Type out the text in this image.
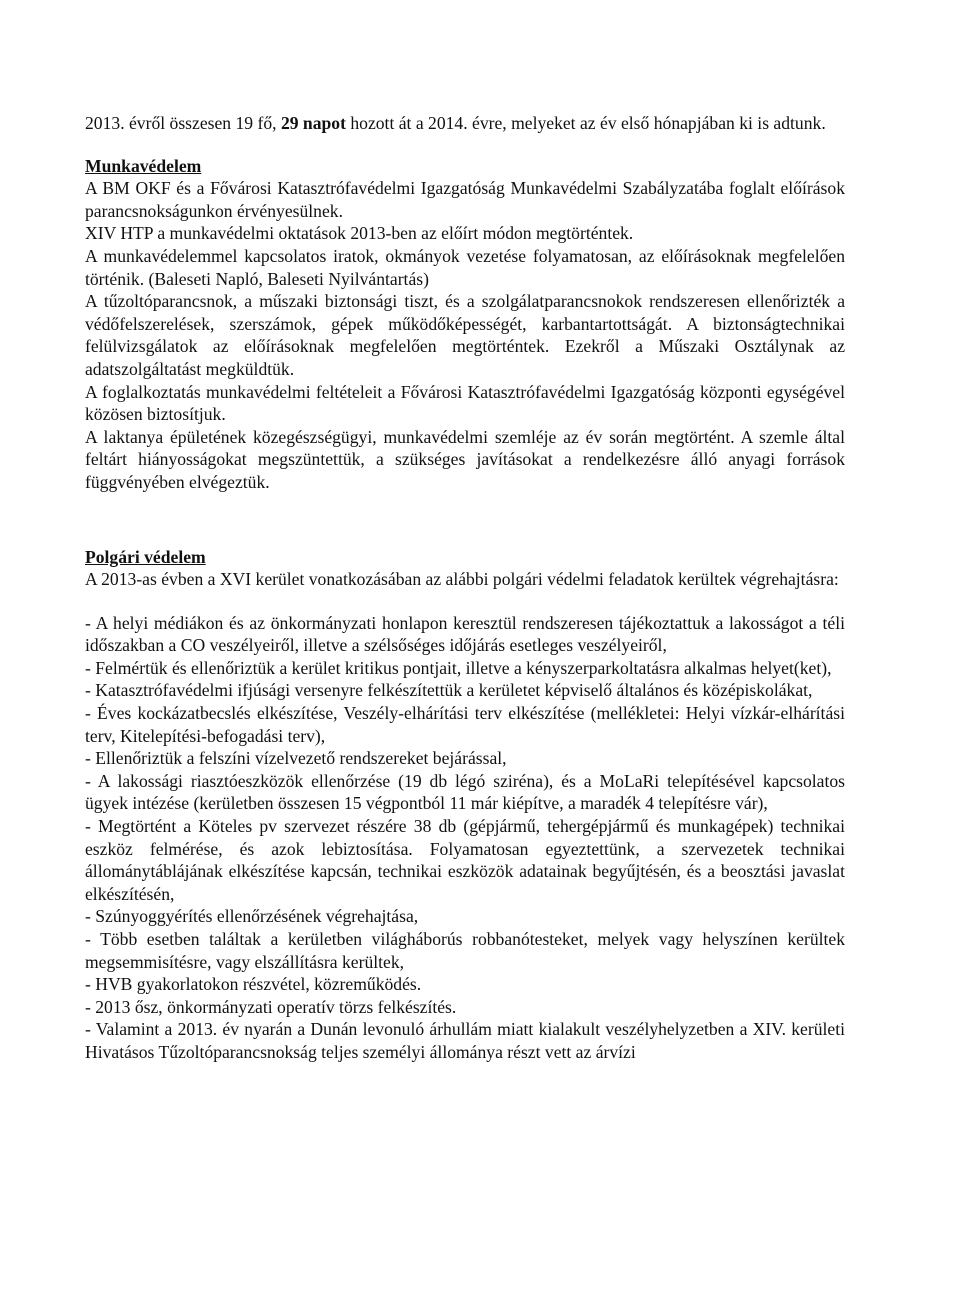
2013. évről összesen 19 fő, 29 napot hozott át a 2014. évre, melyeket az év első hónapjában ki is adtunk.

Munkavédelem

A BM OKF és a Fővárosi Katasztrófavédelmi Igazgatóság Munkavédelmi Szabályzatába foglalt előírások parancsnokságunkon érvényesülnek.

XIV HTP a munkavédelmi oktatások 2013-ben az előírt módon megtörténtek.

A munkavédelemmel kapcsolatos iratok, okmányok vezetése folyamatosan, az előírásoknak megfelelően történik. (Baleseti Napló, Baleseti Nyilvántartás)

A tűzoltóparancsnok, a műszaki biztonsági tiszt, és a szolgálatparancsnokok rendszeresen ellenőrizték a védőfelszerelések, szerszámok, gépek működőképességét, karbantartottságát. A biztonságtechnikai felülvizsgálatok az előírásoknak megfelelően megtörténtek. Ezekről a Műszaki Osztálynak az adatszolgáltatást megküldtük.

A foglalkoztatás munkavédelmi feltételeit a Fővárosi Katasztrófavédelmi Igazgatóság központi egységével közösen biztosítjuk.

A laktanya épületének közegészségügyi, munkavédelmi szemléje az év során megtörtént. A szemle által feltárt hiányosságokat megszüntettük, a szükséges javításokat a rendelkezésre álló anyagi források függvényében elvégeztük.

Polgári védelem

A 2013-as évben a XVI kerület vonatkozásában az alábbi polgári védelmi feladatok kerültek végrehajtásra:

- A helyi médiákon és az önkormányzati honlapon keresztül rendszeresen tájékoztattuk a lakosságot a téli időszakban a CO veszélyeiről, illetve a szélsőséges időjárás esetleges veszélyeiről,

- Felmértük és ellenőriztük a kerület kritikus pontjait, illetve a kényszerparkoltatásra alkalmas helyet(ket),

- Katasztrófavédelmi ifjúsági versenyre felkészítettük a kerületet képviselő általános és középiskolákat,

- Éves kockázatbecslés elkészítése, Veszély-elhárítási terv elkészítése (mellékletei: Helyi vízkár-elhárítási terv, Kitelepítési-befogadási terv),

- Ellenőriztük a felszíni vízelvezető rendszereket bejárással,

- A lakossági riasztóeszközök ellenőrzése (19 db légó sziréna), és a MoLaRi telepítésével kapcsolatos ügyek intézése (kerületben összesen 15 végpontból 11 már kiépítve, a maradék 4 telepítésre vár),

- Megtörtént a Köteles pv szervezet részére 38 db (gépjármű, tehergépjármű és munkagépek) technikai eszköz felmérése, és azok lebiztosítása. Folyamatosan egyeztettünk, a szervezetek technikai állománytáblájának elkészítése kapcsán, technikai eszközök adatainak begyűjtésén, és a beosztási javaslat elkészítésén,

- Szúnyoggyérítés ellenőrzésének végrehajtása,

- Több esetben találtak a kerületben világháborús robbanótesteket, melyek vagy helyszínen kerültek megsemmisítésre, vagy elszállításra kerültek,

- HVB gyakorlatokon részvétel, közreműködés.

- 2013 ősz, önkormányzati operatív törzs felkészítés.

- Valamint a 2013. év nyarán a Dunán levonuló árhullám miatt kialakult veszélyhelyzetben a XIV. kerületi Hivatásos Tűzoltóparancsnokság teljes személyi állománya részt vett az árvízi
